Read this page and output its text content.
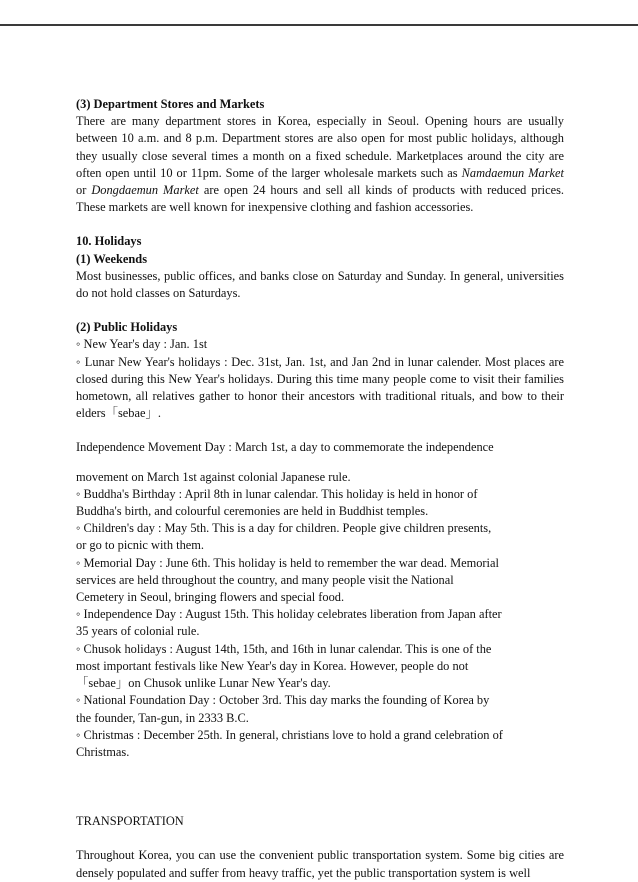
(3) Department Stores and Markets

There are many department stores in Korea, especially in Seoul. Opening hours are usually between 10 a.m. and 8 p.m. Department stores are also open for most public holidays, although they usually close several times a month on a fixed schedule. Marketplaces around the city are often open until 10 or 11pm. Some of the larger wholesale markets such as Namdaemun Market or Dongdaemun Market are open 24 hours and sell all kinds of products with reduced prices. These markets are well known for inexpensive clothing and fashion accessories.

10. Holidays

(1) Weekends

Most businesses, public offices, and banks close on Saturday and Sunday. In general, universities do not hold classes on Saturdays.

(2) Public Holidays

◦ New Year's day : Jan. 1st

◦ Lunar New Year's holidays : Dec. 31st, Jan. 1st, and Jan 2nd in lunar calender. Most places are closed during this New Year's holidays. During this time many people come to visit their families hometown, all relatives gather to honor their ancestors with traditional rituals, and bow to their elders「sebae」.

Independence Movement Day : March 1st, a day to commemorate the independence

movement on March 1st against colonial Japanese rule.

◦ Buddha's Birthday : April 8th in lunar calendar. This holiday is held in honor of

Buddha's birth, and colourful ceremonies are held in Buddhist temples.

◦ Children's day : May 5th. This is a day for children. People give children presents,

or go to picnic with them.

◦ Memorial Day : June 6th. This holiday is held to remember the war dead. Memorial

services are held throughout the country, and many people visit the National

Cemetery in Seoul, bringing flowers and special food.

◦ Independence Day : August 15th. This holiday celebrates liberation from Japan after

35 years of colonial rule.

◦ Chusok holidays : August 14th, 15th, and 16th in lunar calendar. This is one of the

most important festivals like New Year's day in Korea. However, people do not

「sebae」on Chusok unlike Lunar New Year's day.

◦ National Foundation Day : October 3rd. This day marks the founding of Korea by

the founder, Tan-gun, in 2333 B.C.

◦ Christmas : December 25th. In general, christians love to hold a grand celebration of

Christmas.

TRANSPORTATION

Throughout Korea, you can use the convenient public transportation system. Some big cities are densely populated and suffer from heavy traffic, yet the public transportation system is well
